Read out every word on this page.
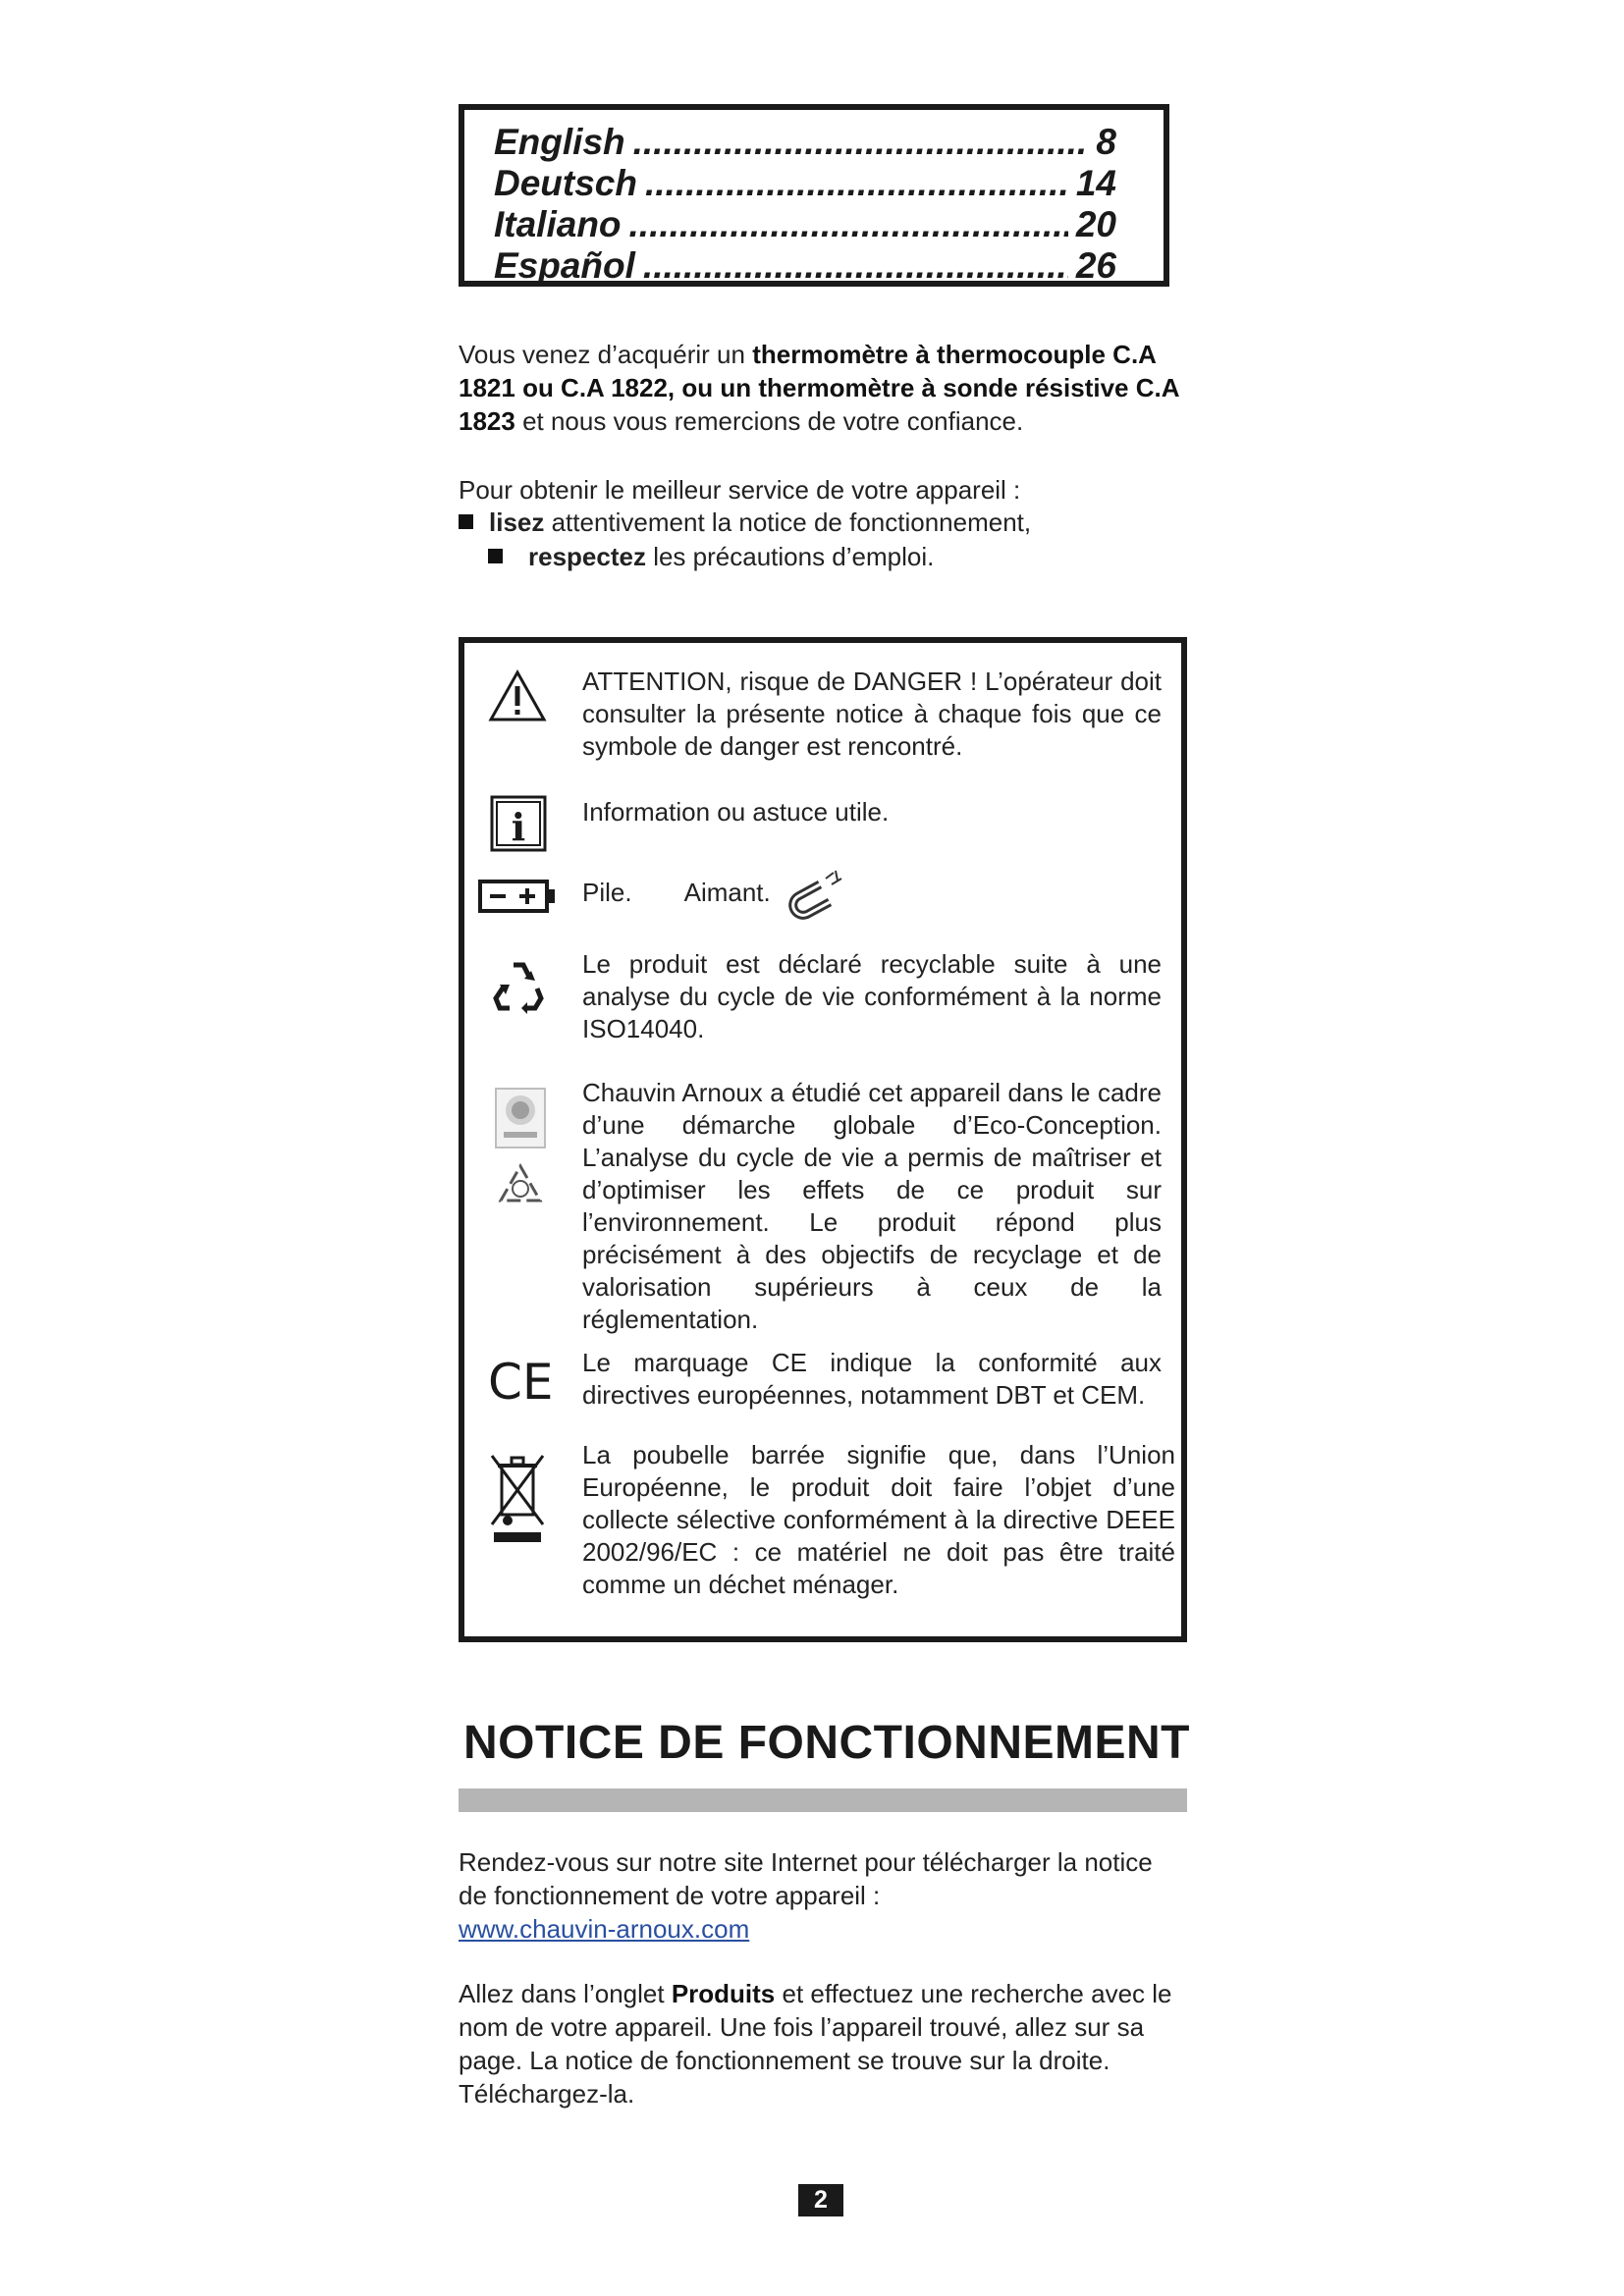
English .....	8
Deutsch .....	14
Italiano .....	20
Español .....	26
Vous venez d’acquérir un thermomètre à thermocouple C.A 1821 ou C.A 1822, ou un thermomètre à sonde résistive C.A 1823 et nous vous remercions de votre confiance.
Pour obtenir le meilleur service de votre appareil :
lisez attentivement la notice de fonctionnement,
respectez les précautions d’emploi.
ATTENTION, risque de DANGER ! L’opérateur doit consulter la présente notice à chaque fois que ce symbole de danger est rencontré.
i Information ou astuce utile.
Pile. Aimant.
Le produit est déclaré recyclable suite à une analyse du cycle de vie conformément à la norme ISO14040.
Chauvin Arnoux a étudié cet appareil dans le cadre d’une démarche globale d’Eco-Conception. L’analyse du cycle de vie a permis de maîtriser et d’optimiser les effets de ce produit sur l’environnement. Le produit répond plus précisément à des objectifs de recyclage et de valorisation supérieurs à ceux de la réglementation.
CE Le marquage CE indique la conformité aux directives européennes, notamment DBT et CEM.
La poubelle barrée signifie que, dans l’Union Européenne, le produit doit faire l’objet d’une collecte sélective conformément à la directive DEEE 2002/96/EC : ce matériel ne doit pas être traité comme un déchet ménager.
NOTICE DE FONCTIONNEMENT
Rendez-vous sur notre site Internet pour télécharger la notice de fonctionnement de votre appareil :
www.chauvin-arnoux.com
Allez dans l’onglet Produits et effectuez une recherche avec le nom de votre appareil. Une fois l’appareil trouvé, allez sur sa page. La notice de fonctionnement se trouve sur la droite. Téléchargez-la.
2
